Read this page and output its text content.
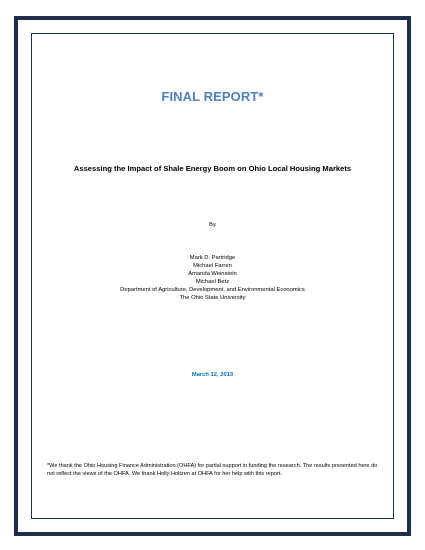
FINAL REPORT*
Assessing the Impact of Shale Energy Boom on Ohio Local Housing Markets
By
Mark D. Partridge
Michael Farren
Amanda Weinstein
Michael Betz
Department of Agriculture, Development, and Environmental Economics
The Ohio State University
March 12, 2013
*We thank the Ohio Housing Finance Administration (OHFA) for partial support in funding the research. The results presented here do not reflect the views of the OHFA. We thank Holly Holtzen at OHFA for her help with this report.
